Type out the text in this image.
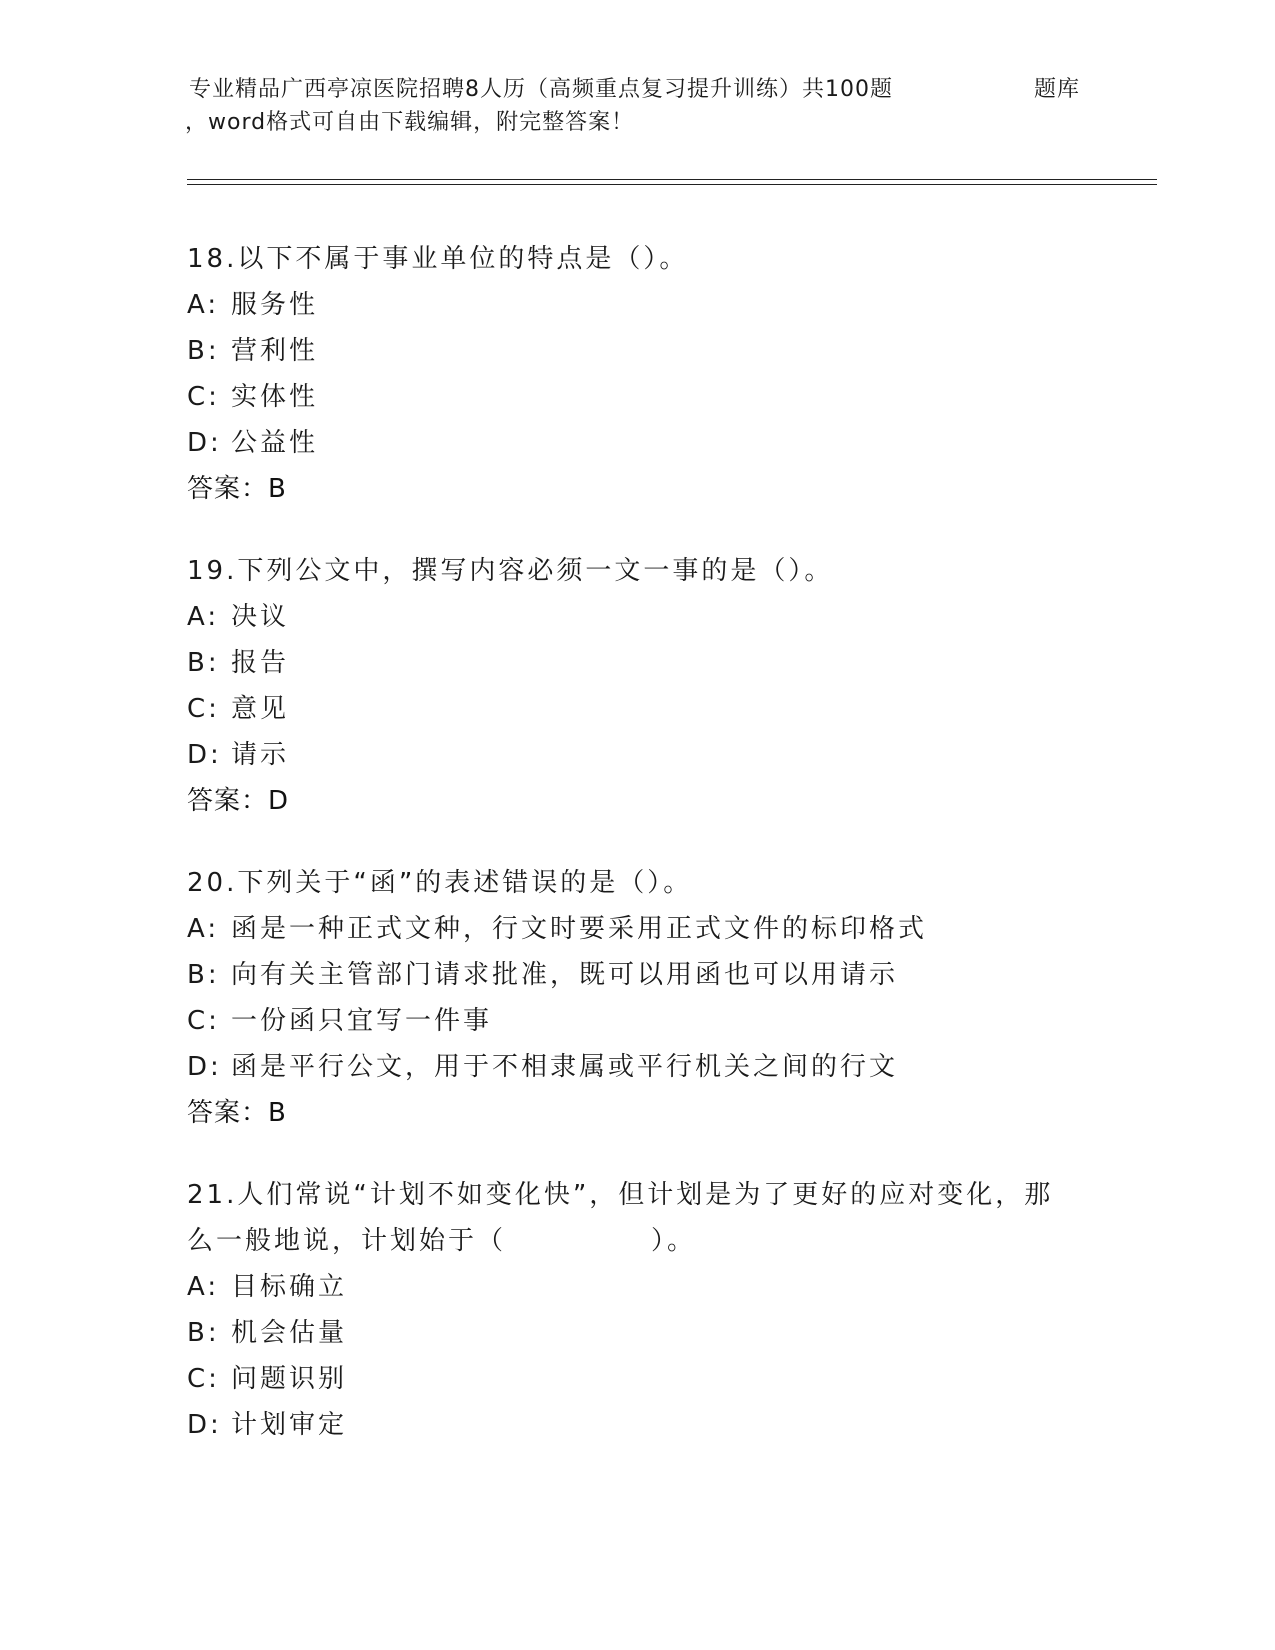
专业精品广西亭凉医院招聘8人历（高频重点复习提升训练）共100题	题库
，word格式可自由下载编辑，附完整答案！
18.以下不属于事业单位的特点是（）。
A: 服务性
B: 营利性
C: 实体性
D: 公益性
答案：B
19.下列公文中，撰写内容必须一文一事的是（）。
A: 决议
B: 报告
C: 意见
D: 请示
答案：D
20.下列关于“函”的表述错误的是（）。
A: 函是一种正式文种，行文时要采用正式文件的标印格式
B: 向有关主管部门请求批准，既可以用函也可以用请示
C: 一份函只宜写一件事
D: 函是平行公文，用于不相隶属或平行机关之间的行文
答案：B
21.人们常说“计划不如变化快”，但计划是为了更好的应对变化，那
么一般地说，计划始于（　　　　　）。
A: 目标确立
B: 机会估量
C: 问题识别
D: 计划审定
